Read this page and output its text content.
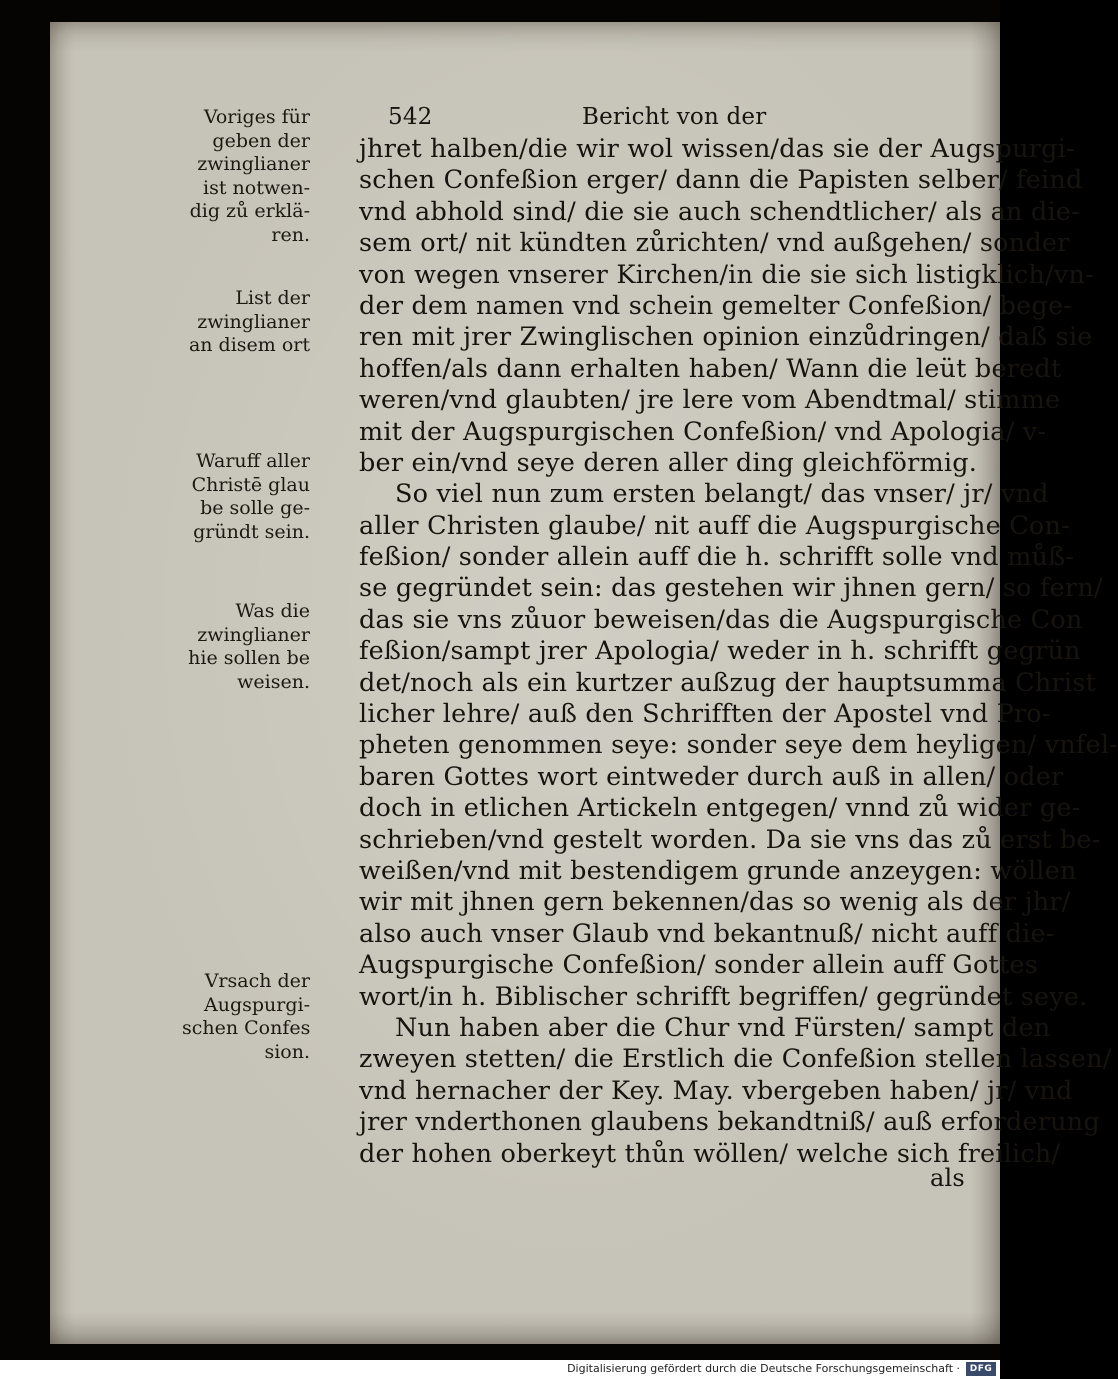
542	Bericht von der
jhret halben/die wir wol wissen/das sie der Augspurgi-
schen Confeßion erger/ dann die Papisten selber/ feind
vnd abhold sind/ die sie auch schendtlicher/ als an die-
sem ort/ nit kündten zůrichten/ vnd außgehen/ sonder
von wegen vnserer Kirchen/in die sie sich listigklich/vn-
der dem namen vnd schein gemelter Confeßion/ bege-
ren mit jrer Zwinglischen opinion einzůdringen/ daß sie
hoffen/als dann erhalten haben/ Wann die leüt beredt
weren/vnd glaubten/ jre lere vom Abendtmal/ stimme
mit der Augspurgischen Confeßion/ vnd Apologia/ v-
ber ein/vnd seye deren aller ding gleichförmig.
So viel nun zum ersten belangt/ das vnser/ jr/ vnd
aller Christen glaube/ nit auff die Augspurgische Con-
feßion/ sonder allein auff die h. schrifft solle vnd můß-
se gegründet sein: das gestehen wir jhnen gern/ so fern/
das sie vns zůuor beweisen/das die Augspurgische Con
feßion/sampt jrer Apologia/ weder in h. schrifft gegrün
det/noch als ein kurtzer außzug der hauptsumma Christ
licher lehre/ auß den Schrifften der Apostel vnd Pro-
pheten genommen seye: sonder seye dem heyligen/ vnfel-
baren Gottes wort eintweder durch auß in allen/ oder
doch in etlichen Artickeln entgegen/ vnnd zů wider ge-
schrieben/vnd gestelt worden. Da sie vns das zů erst be-
weißen/vnd mit bestendigem grunde anzeygen: wöllen
wir mit jhnen gern bekennen/das so wenig als der jhr/
also auch vnser Glaub vnd bekantnuß/ nicht auff die-
Augspurgische Confeßion/ sonder allein auff Gottes
wort/in h. Biblischer schrifft begriffen/ gegründet seye.
Nun haben aber die Chur vnd Fürsten/ sampt den
zweyen stetten/ die Erstlich die Confeßion stellen lassen/
vnd hernacher der Key. May. vbergeben haben/ jr/ vnd
jrer vnderthonen glaubens bekandtniß/ auß erforderung
der hohen oberkeyt thůn wöllen/ welche sich freilich/
Voriges für
geben der
zwinglianer
ist notwen-
dig zů erklä-
ren.
List der
zwinglianer
an disem ort
Waruff aller
Christē glau
be solle ge-
gründt sein.
Was die
zwinglianer
hie sollen be
weisen.
Vrsach der
Augspurgi-
schen Confes
sion.
als
Digitalisierung gefördert durch die Deutsche Forschungsgemeinschaft ·	DFG
